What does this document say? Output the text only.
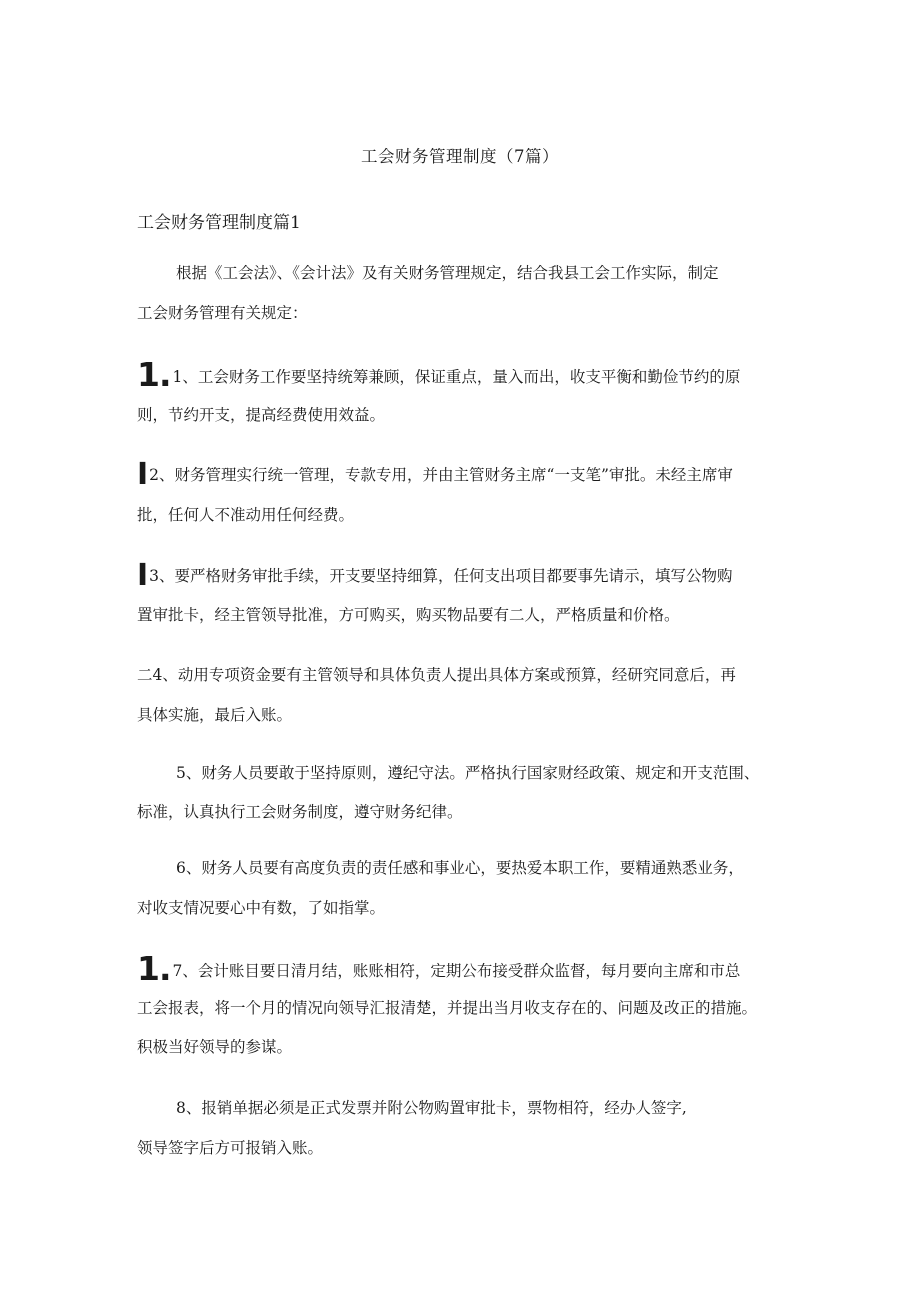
工会财务管理制度（7篇）
工会财务管理制度篇1
根据《工会法》、《会计法》及有关财务管理规定，结合我县工会工作实际，制定
工会财务管理有关规定：
1. 1、工会财务工作要坚持统筹兼顾，保证重点，量入而出，收支平衡和勤俭节约的原
则，节约开支，提高经费使用效益。
I2、财务管理实行统一管理，专款专用，并由主管财务主席“一支笔”审批。未经主席审
批，任何人不准动用任何经费。
I3、要严格财务审批手续，开支要坚持细算，任何支出项目都要事先请示，填写公物购
置审批卡，经主管领导批准，方可购买，购买物品要有二人，严格质量和价格。
二4、动用专项资金要有主管领导和具体负责人提出具体方案或预算，经研究同意后，再
具体实施，最后入账。
5、财务人员要敢于坚持原则，遵纪守法。严格执行国家财经政策、规定和开支范围、
标准，认真执行工会财务制度，遵守财务纪律。
6、财务人员要有高度负责的责任感和事业心，要热爱本职工作，要精通熟悉业务，
对收支情况要心中有数，了如指掌。
1. 7、会计账目要日清月结，账账相符，定期公布接受群众监督，每月要向主席和市总
工会报表，将一个月的情况向领导汇报清楚，并提出当月收支存在的、问题及改正的措施。
积极当好领导的参谋。
8、报销单据必须是正式发票并附公物购置审批卡，票物相符，经办人签字,
领导签字后方可报销入账。
